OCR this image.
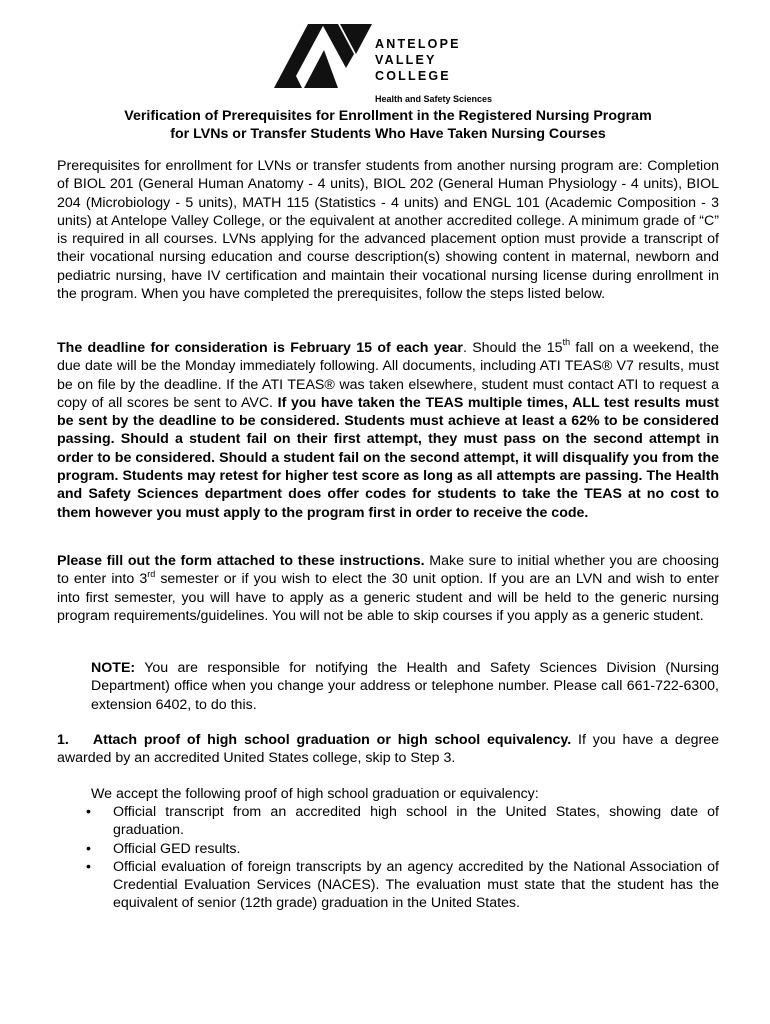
ANTELOPE
VALLEY
COLLEGE
Health and Safety Sciences
Verification of Prerequisites for Enrollment in the Registered Nursing Program
for LVNs or Transfer Students Who Have Taken Nursing Courses

Prerequisites for enrollment for LVNs or transfer students from another nursing program are: Completion of BIOL 201 (General Human Anatomy - 4 units), BIOL 202 (General Human Physiology - 4 units), BIOL 204 (Microbiology - 5 units), MATH 115 (Statistics - 4 units) and ENGL 101 (Academic Composition - 3 units) at Antelope Valley College, or the equivalent at another accredited college. A minimum grade of “C” is required in all courses. LVNs applying for the advanced placement option must provide a transcript of their vocational nursing education and course description(s) showing content in maternal, newborn and pediatric nursing, have IV certification and maintain their vocational nursing license during enrollment in the program. When you have completed the prerequisites, follow the steps listed below.

The deadline for consideration is February 15 of each year. Should the 15th fall on a weekend, the due date will be the Monday immediately following. All documents, including ATI TEAS® V7 results, must be on file by the deadline. If the ATI TEAS® was taken elsewhere, student must contact ATI to request a copy of all scores be sent to AVC. If you have taken the TEAS multiple times, ALL test results must be sent by the deadline to be considered. Students must achieve at least a 62% to be considered passing. Should a student fail on their first attempt, they must pass on the second attempt in order to be considered. Should a student fail on the second attempt, it will disqualify you from the program. Students may retest for higher test score as long as all attempts are passing. The Health and Safety Sciences department does offer codes for students to take the TEAS at no cost to them however you must apply to the program first in order to receive the code.

Please fill out the form attached to these instructions. Make sure to initial whether you are choosing to enter into 3rd semester or if you wish to elect the 30 unit option. If you are an LVN and wish to enter into first semester, you will have to apply as a generic student and will be held to the generic nursing program requirements/guidelines. You will not be able to skip courses if you apply as a generic student.

NOTE: You are responsible for notifying the Health and Safety Sciences Division (Nursing Department) office when you change your address or telephone number. Please call 661-722-6300, extension 6402, to do this.

1. Attach proof of high school graduation or high school equivalency. If you have a degree awarded by an accredited United States college, skip to Step 3.

We accept the following proof of high school graduation or equivalency:

• Official transcript from an accredited high school in the United States, showing date of graduation.
• Official GED results.
• Official evaluation of foreign transcripts by an agency accredited by the National Association of Credential Evaluation Services (NACES). The evaluation must state that the student has the equivalent of senior (12th grade) graduation in the United States.
